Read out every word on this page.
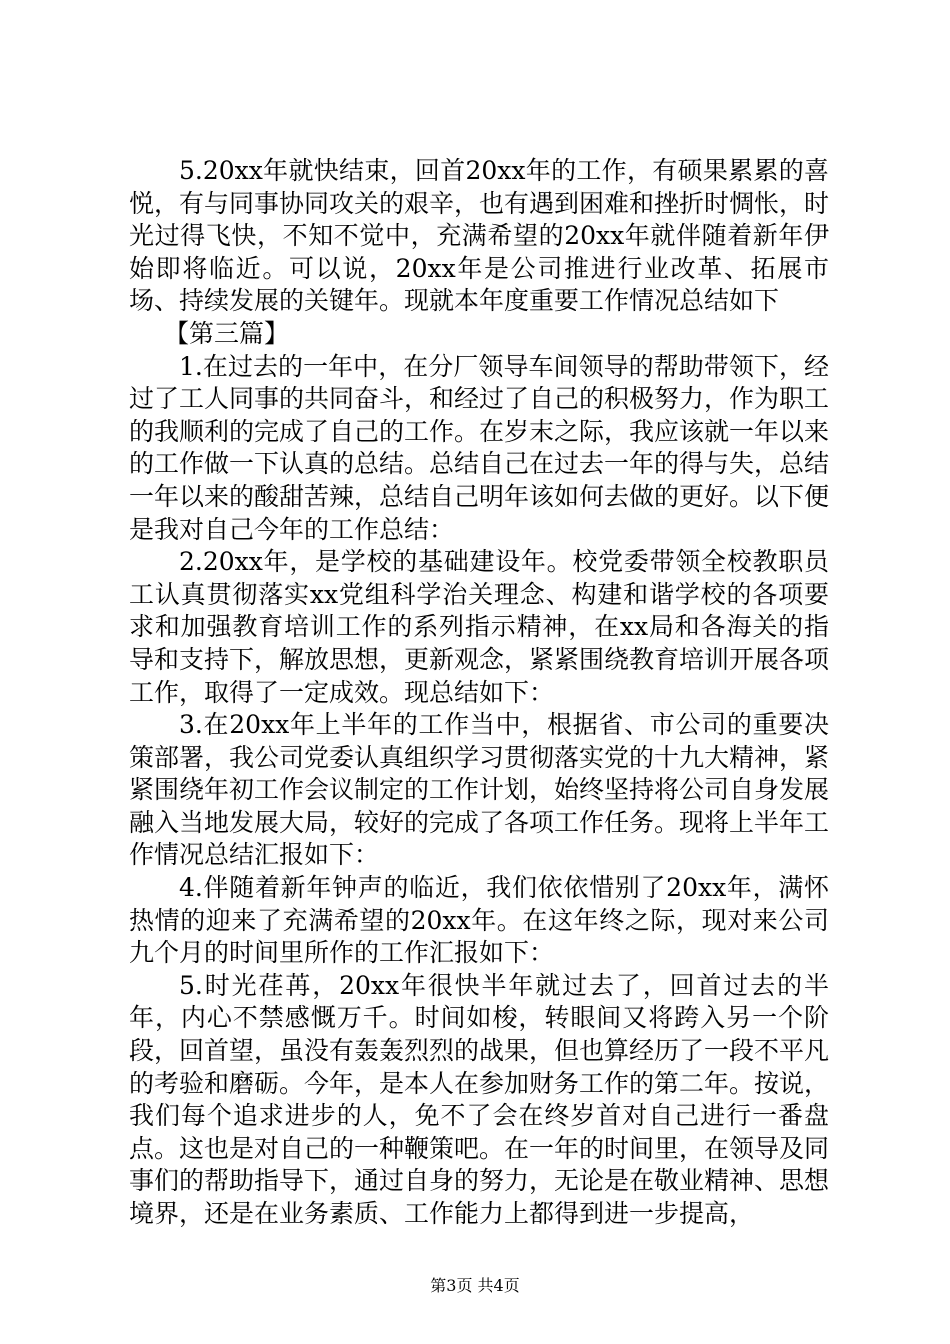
5.20xx年就快结束，回首20xx年的工作，有硕果累累的喜悦，有与同事协同攻关的艰辛，也有遇到困难和挫折时惆怅，时光过得飞快，不知不觉中，充满希望的20xx年就伴随着新年伊始即将临近。可以说，20xx年是公司推进行业改革、拓展市场、持续发展的关键年。现就本年度重要工作情况总结如下

【第三篇】

1.在过去的一年中，在分厂领导车间领导的帮助带领下，经过了工人同事的共同奋斗，和经过了自己的积极努力，作为职工的我顺利的完成了自己的工作。在岁末之际，我应该就一年以来的工作做一下认真的总结。总结自己在过去一年的得与失，总结一年以来的酸甜苦辣，总结自己明年该如何去做的更好。以下便是我对自己今年的工作总结：

2.20xx年，是学校的基础建设年。校党委带领全校教职员工认真贯彻落实xx党组科学治关理念、构建和谐学校的各项要求和加强教育培训工作的系列指示精神，在xx局和各海关的指导和支持下，解放思想，更新观念，紧紧围绕教育培训开展各项工作，取得了一定成效。现总结如下：

3.在20xx年上半年的工作当中，根据省、市公司的重要决策部署，我公司党委认真组织学习贯彻落实党的十九大精神，紧紧围绕年初工作会议制定的工作计划，始终坚持将公司自身发展融入当地发展大局，较好的完成了各项工作任务。现将上半年工作情况总结汇报如下：

4.伴随着新年钟声的临近，我们依依惜别了20xx年，满怀热情的迎来了充满希望的20xx年。在这年终之际，现对来公司九个月的时间里所作的工作汇报如下：

5.时光荏苒，20xx年很快半年就过去了，回首过去的半年，内心不禁感慨万千。时间如梭，转眼间又将跨入另一个阶段，回首望，虽没有轰轰烈烈的战果，但也算经历了一段不平凡的考验和磨砺。今年，是本人在参加财务工作的第二年。按说，我们每个追求进步的人，免不了会在终岁首对自己进行一番盘点。这也是对自己的一种鞭策吧。在一年的时间里，在领导及同事们的帮助指导下，通过自身的努力，无论是在敬业精神、思想境界，还是在业务素质、工作能力上都得到进一步提高，

第3页 共4页
